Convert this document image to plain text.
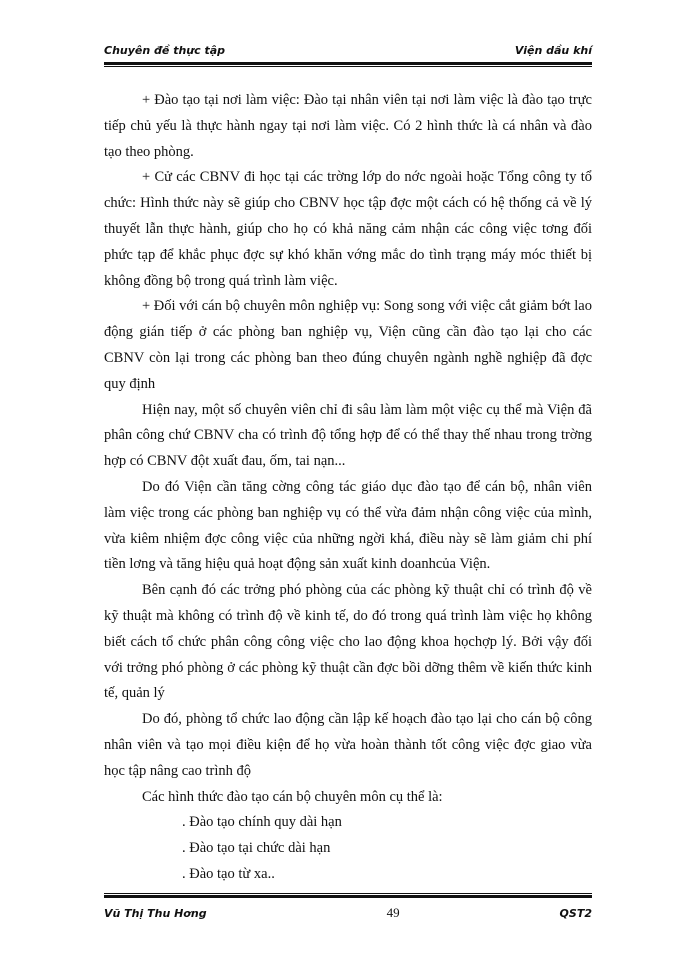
Chuyên đề thực tập	Viện dầu khí

+ Đào tạo tại nơi làm việc: Đào tại nhân viên tại nơi làm việc là đào tạo trực tiếp chủ yếu là thực hành ngay tại nơi làm việc. Có 2 hình thức là cá nhân và đào tạo theo phòng.

+ Cử các CBNV đi học tại các trờng lớp do nớc ngoài hoặc Tổng công ty tổ chức: Hình thức này sẽ giúp cho CBNV học tập đợc một cách có hệ thống cả về lý thuyết lẫn thực hành, giúp cho họ có khả năng cảm nhận các công việc tơng đối phức tạp để khắc phục đợc sự khó khăn vớng mắc do tình trạng máy móc thiết bị không đồng bộ trong quá trình làm việc.

+ Đối với cán bộ chuyên môn nghiệp vụ: Song song với việc cắt giảm bớt lao động gián tiếp ở các phòng ban nghiệp vụ, Viện cũng cần đào tạo lại cho các CBNV còn lại trong các phòng ban theo đúng chuyên ngành nghề nghiệp đã đợc quy định

Hiện nay, một số chuyên viên chỉ đi sâu làm làm một việc cụ thể mà Viện đã phân công chứ CBNV cha có trình độ tổng hợp để có thể thay thế nhau trong trờng hợp có CBNV đột xuất đau, ốm, tai nạn...

Do đó Viện cần tăng cờng công tác giáo dục đào tạo để cán bộ, nhân viên làm việc trong các phòng ban nghiệp vụ có thể vừa đảm nhận công việc của mình, vừa kiêm nhiệm đợc công việc của những ngời khá, điều này sẽ làm giảm chi phí tiền lơng và tăng hiệu quả hoạt động sản xuất kinh doanhcủa Viện.

Bên cạnh đó các trởng phó phòng của các phòng kỹ thuật chỉ có trình độ về kỹ thuật mà không có trình độ về kinh tế, do đó trong quá trình làm việc họ không biết cách tổ chức phân công công việc cho lao động khoa họchợp lý. Bởi vậy đối với trởng phó phòng ở các phòng kỹ thuật cần đợc bồi dỡng thêm về kiến thức kinh tế, quản lý

Do đó, phòng tổ chức lao động cần lập kế hoạch đào tạo lại cho cán bộ công nhân viên và tạo mọi điều kiện để họ vừa hoàn thành tốt công việc đợc giao vừa học tập nâng cao trình độ

Các hình thức đào tạo cán bộ chuyên môn cụ thể là:

. Đào tạo chính quy dài hạn

. Đào tạo tại chức dài hạn

. Đào tạo từ xa..

Vũ Thị Thu Hơng	49	QST2
